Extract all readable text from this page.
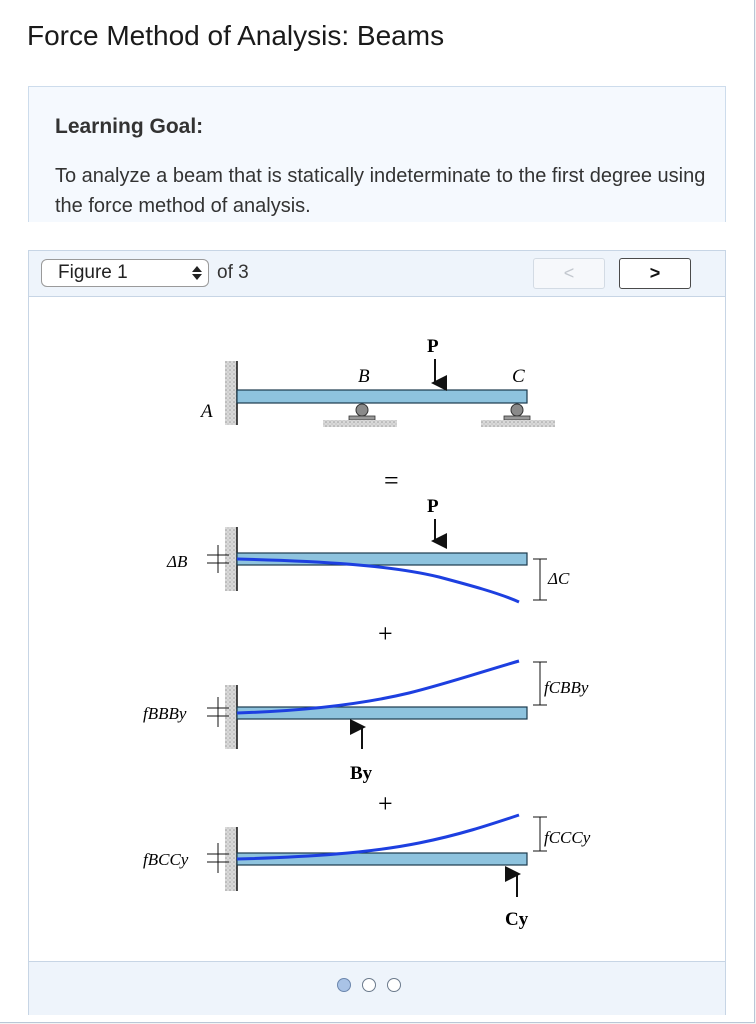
Force Method of Analysis: Beams
Learning Goal:
To analyze a beam that is statically indeterminate to the first degree using the force method of analysis.
Figure 1	of 3	<	>
P
B	C
A
=
P
ΔB
ΔC
+
By
fBBBy
fCBBy
+
Cy
fBCCy
fCCCy
